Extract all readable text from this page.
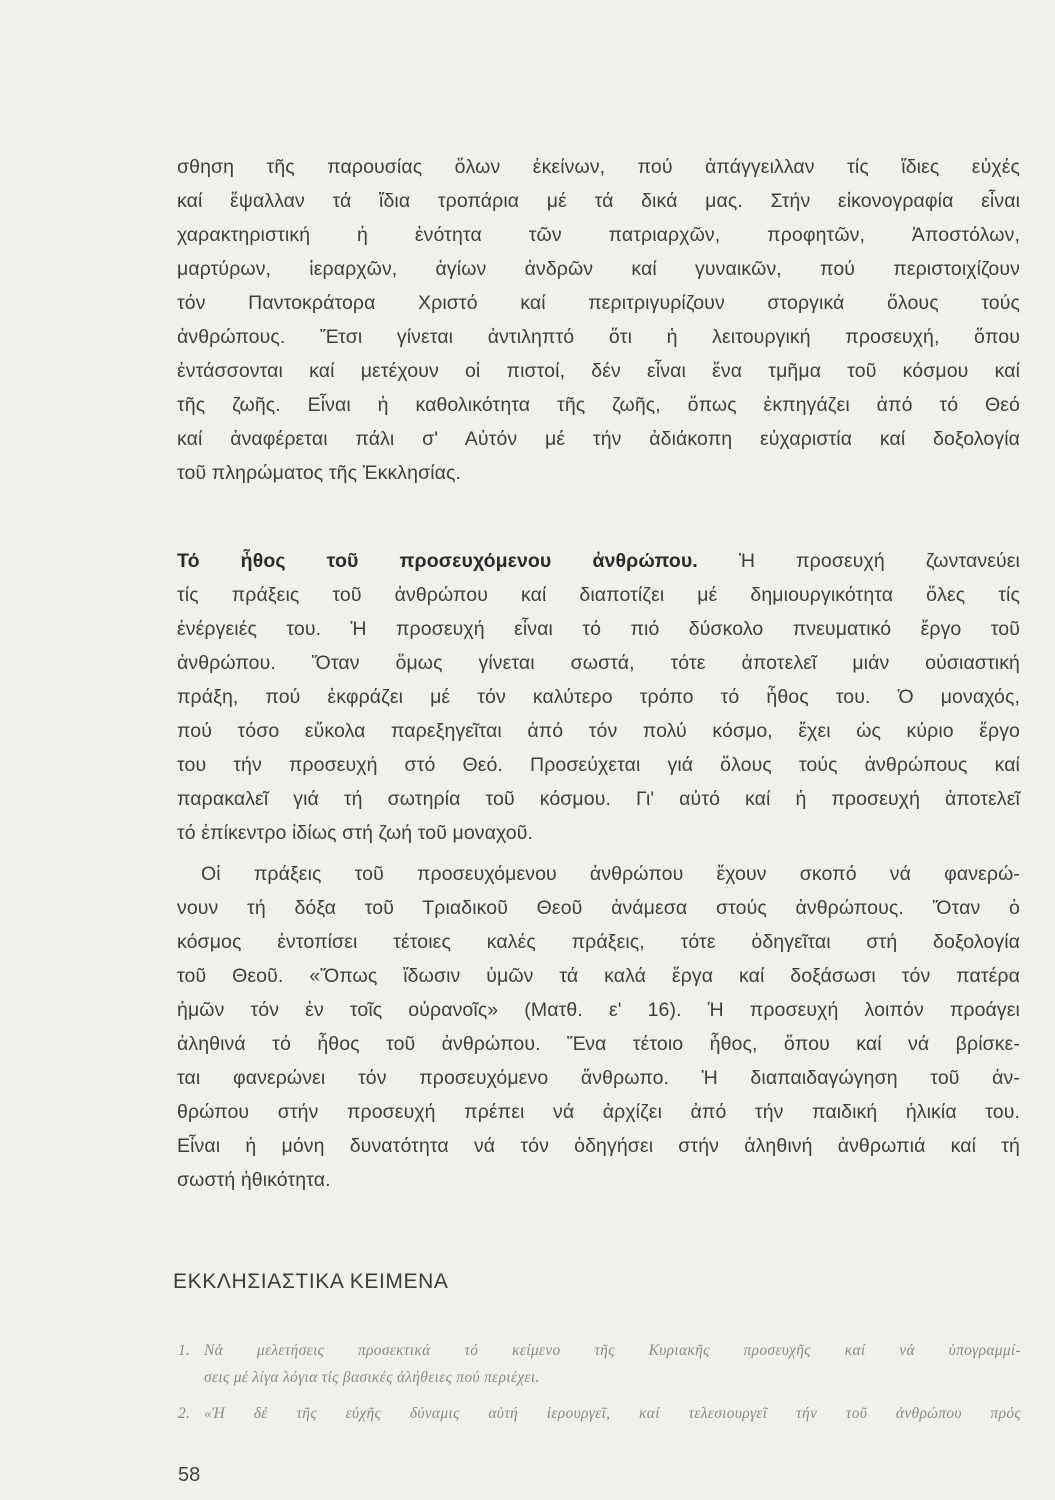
σθηση τῆς παρουσίας ὅλων ἐκείνων, πού ἀπάγγειλλαν τίς ἴδιες εὐχές
καί ἔψαλλαν τά ἴδια τροπάρια μέ τά δικά μας. Στήν εἰκονογραφία εἶναι
χαρακτηριστική ἡ ἑνότητα τῶν πατριαρχῶν, προφητῶν, Ἀποστόλων,
μαρτύρων, ἱεραρχῶν, ἁγίων ἀνδρῶν καί γυναικῶν, πού περιστοιχίζουν
τόν Παντοκράτορα Χριστό καί περιτριγυρίζουν στοργικά ὅλους τούς
ἀνθρώπους. Ἔτσι γίνεται ἀντιληπτό ὅτι ἡ λειτουργική προσευχή, ὅπου
ἐντάσσονται καί μετέχουν οἱ πιστοί, δέν εἶναι ἕνα τμῆμα τοῦ κόσμου καί
τῆς ζωῆς. Εἶναι ἡ καθολικότητα τῆς ζωῆς, ὅπως ἐκπηγάζει ἀπό τό Θεό
καί ἀναφέρεται πάλι σ' Αὐτόν μέ τήν ἀδιάκοπη εὐχαριστία καί δοξολογία
τοῦ πληρώματος τῆς Ἐκκλησίας.
Τό ἦθος τοῦ προσευχόμενου ἀνθρώπου. Ἡ προσευχή ζωντανεύει
τίς πράξεις τοῦ ἀνθρώπου καί διαποτίζει μέ δημιουργικότητα ὅλες τίς
ἐνέργειές του. Ἡ προσευχή εἶναι τό πιό δύσκολο πνευματικό ἔργο τοῦ
ἀνθρώπου. Ὅταν ὅμως γίνεται σωστά, τότε ἀποτελεῖ μιάν οὐσιαστική
πράξη, πού ἐκφράζει μέ τόν καλύτερο τρόπο τό ἦθος του. Ὁ μοναχός,
πού τόσο εὔκολα παρεξηγεῖται ἀπό τόν πολύ κόσμο, ἔχει ὡς κύριο ἔργο
του τήν προσευχή στό Θεό. Προσεύχεται γιά ὅλους τούς ἀνθρώπους καί
παρακαλεῖ γιά τή σωτηρία τοῦ κόσμου. Γι' αὐτό καί ἡ προσευχή ἀποτελεῖ
τό ἐπίκεντρο ἰδίως στή ζωή τοῦ μοναχοῦ.
Οἱ πράξεις τοῦ προσευχόμενου ἀνθρώπου ἔχουν σκοπό νά φανερώ-
νουν τή δόξα τοῦ Τριαδικοῦ Θεοῦ ἀνάμεσα στούς ἀνθρώπους. Ὅταν ὁ
κόσμος ἐντοπίσει τέτοιες καλές πράξεις, τότε ὁδηγεῖται στή δοξολογία
τοῦ Θεοῦ. «Ὅπως ἴδωσιν ὑμῶν τά καλά ἔργα καί δοξάσωσι τόν πατέρα
ἡμῶν τόν ἐν τοῖς οὐρανοῖς» (Ματθ. ε' 16). Ἡ προσευχή λοιπόν προάγει
ἀληθινά τό ἦθος τοῦ ἀνθρώπου. Ἕνα τέτοιο ἦθος, ὅπου καί νά βρίσκε-
ται φανερώνει τόν προσευχόμενο ἄνθρωπο. Ἡ διαπαιδαγώγηση τοῦ ἀν-
θρώπου στήν προσευχή πρέπει νά ἀρχίζει ἀπό τήν παιδική ἡλικία του.
Εἶναι ἡ μόνη δυνατότητα νά τόν ὁδηγήσει στήν ἀληθινή ἀνθρωπιά καί τή
σωστή ἠθικότητα.
ΕΚΚΛΗΣΙΑΣΤΙΚΑ ΚΕΙΜΕΝΑ
1. Νά μελετήσεις προσεκτικά τό κείμενο τῆς Κυριακῆς προσευχῆς καί νά ὑπογραμμί-
σεις μέ λίγα λόγια τίς βασικές ἀλήθειες πού περιέχει.
2. «Ἡ δέ τῆς εὐχῆς δύναμις αὐτή ἱερουργεῖ, καί τελεσιουργεῖ τήν τοῦ ἀνθρώπου πρός
58
